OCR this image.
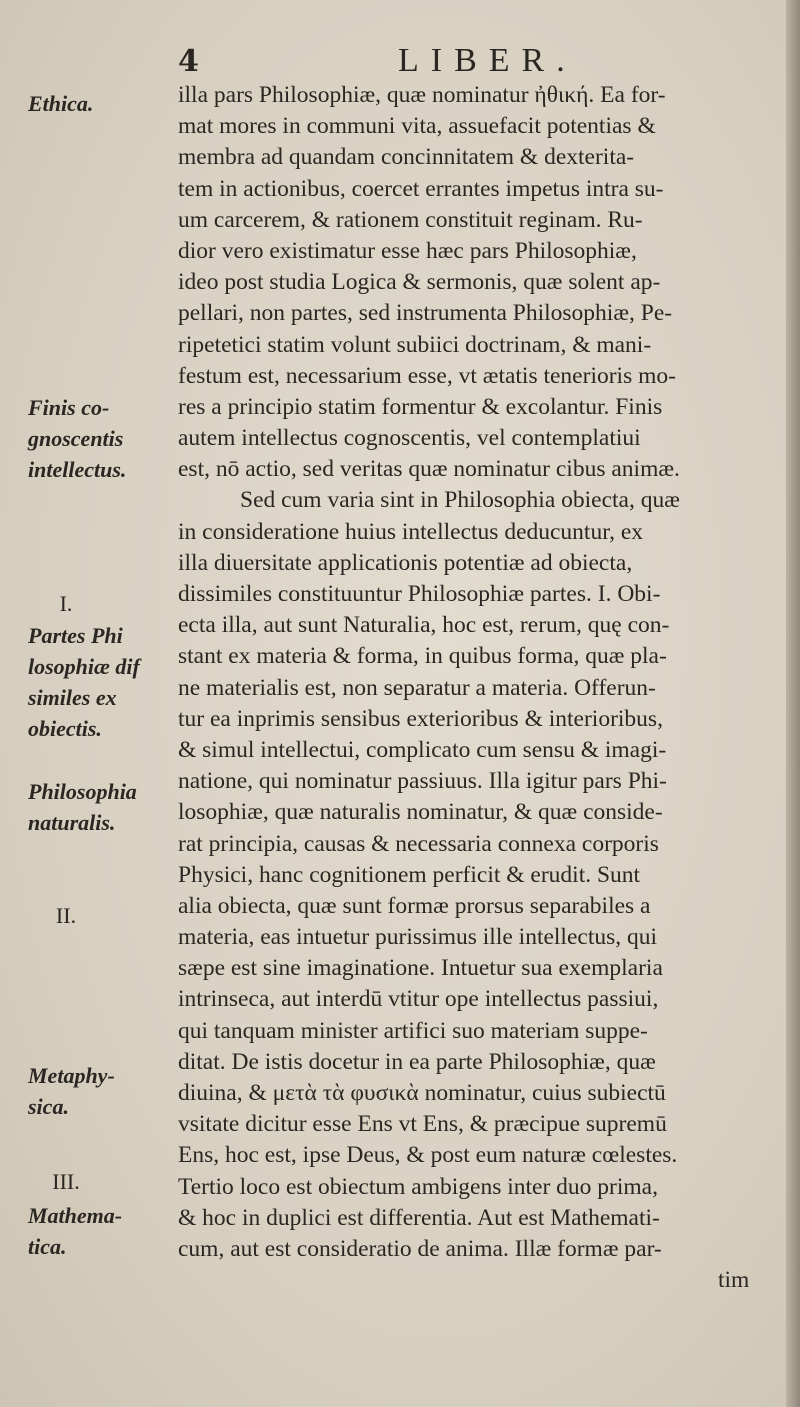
4	LIBER.
Ethica.
Finis co-
gnoscentis
intellectus.
I.
Partes Phi
losophiæ dif
similes ex
obiectis.
Philosophia
naturalis.
II.
Metaphy-
sica.
III.
Mathema-
tica.
illa pars Philosophiæ, quæ nominatur ἠθική. Ea for-
mat mores in communi vita, assuefacit potentias &
membra ad quandam concinnitatem & dexterita-
tem in actionibus, coercet errantes impetus intra su-
um carcerem, & rationem constituit reginam. Ru-
dior vero existimatur esse hæc pars Philosophiæ,
ideo post studia Logica & sermonis, quæ solent ap-
pellari, non partes, sed instrumenta Philosophiæ, Pe-
ripetetici statim volunt subiici doctrinam, & mani-
festum est, necessarium esse, vt ætatis tenerioris mo-
res a principio statim formentur & excolantur. Finis
autem intellectus cognoscentis, vel contemplatiui
est, nō actio, sed veritas quæ nominatur cibus animæ.
Sed cum varia sint in Philosophia obiecta, quæ
in consideratione huius intellectus deducuntur, ex
illa diuersitate applicationis potentiæ ad obiecta,
dissimiles constituuntur Philosophiæ partes. I. Obi-
ecta illa, aut sunt Naturalia, hoc est, rerum, quę con-
stant ex materia & forma, in quibus forma, quæ pla-
ne materialis est, non separatur a materia. Offerun-
tur ea inprimis sensibus exterioribus & interioribus,
& simul intellectui, complicato cum sensu & imagi-
natione, qui nominatur passiuus. Illa igitur pars Phi-
losophiæ, quæ naturalis nominatur, & quæ conside-
rat principia, causas & necessaria connexa corporis
Physici, hanc cognitionem perficit & erudit. Sunt
alia obiecta, quæ sunt formæ prorsus separabiles a
materia, eas intuetur purissimus ille intellectus, qui
sæpe est sine imaginatione. Intuetur sua exemplaria
intrinseca, aut interdū vtitur ope intellectus passiui,
qui tanquam minister artifici suo materiam suppe-
ditat. De istis docetur in ea parte Philosophiæ, quæ
diuina, & μετὰ τὰ φυσικὰ nominatur, cuius subiectū
vsitate dicitur esse Ens vt Ens, & præcipue supremū
Ens, hoc est, ipse Deus, & post eum naturæ cœlestes.
Tertio loco est obiectum ambigens inter duo prima,
& hoc in duplici est differentia. Aut est Mathemati-
cum, aut est consideratio de anima. Illæ formæ par-
tim
